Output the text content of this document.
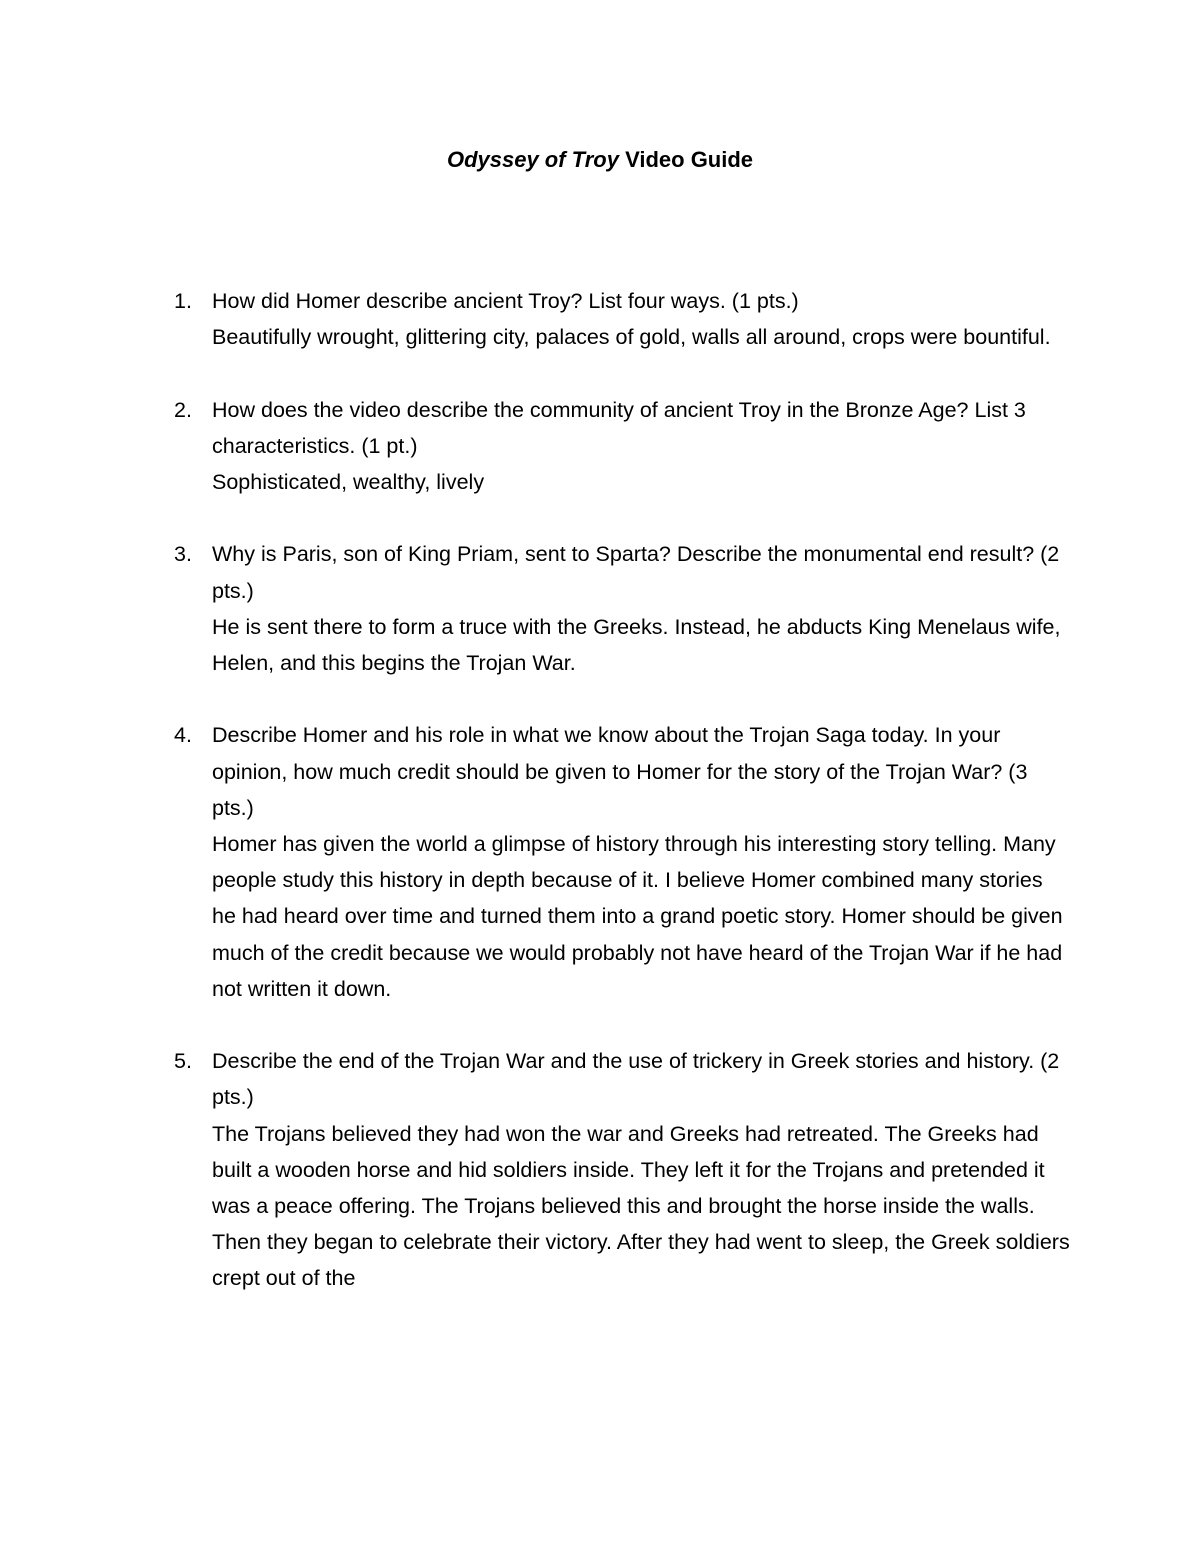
Odyssey of Troy Video Guide
1. How did Homer describe ancient Troy? List four ways. (1 pts.)

Beautifully wrought, glittering city, palaces of gold, walls all around, crops were bountiful.

2. How does the video describe the community of ancient Troy in the Bronze Age? List 3 characteristics. (1 pt.)

Sophisticated, wealthy, lively

3. Why is Paris, son of King Priam, sent to Sparta? Describe the monumental end result? (2 pts.)

He is sent there to form a truce with the Greeks. Instead, he abducts King Menelaus wife, Helen, and this begins the Trojan War.

4. Describe Homer and his role in what we know about the Trojan Saga today. In your opinion, how much credit should be given to Homer for the story of the Trojan War? (3 pts.)

Homer has given the world a glimpse of history through his interesting story telling. Many people study this history in depth because of it. I believe Homer combined many stories he had heard over time and turned them into a grand poetic story. Homer should be given much of the credit because we would probably not have heard of the Trojan War if he had not written it down.

5. Describe the end of the Trojan War and the use of trickery in Greek stories and history. (2 pts.)

The Trojans believed they had won the war and Greeks had retreated. The Greeks had built a wooden horse and hid soldiers inside. They left it for the Trojans and pretended it was a peace offering. The Trojans believed this and brought the horse inside the walls. Then they began to celebrate their victory. After they had went to sleep, the Greek soldiers crept out of the
